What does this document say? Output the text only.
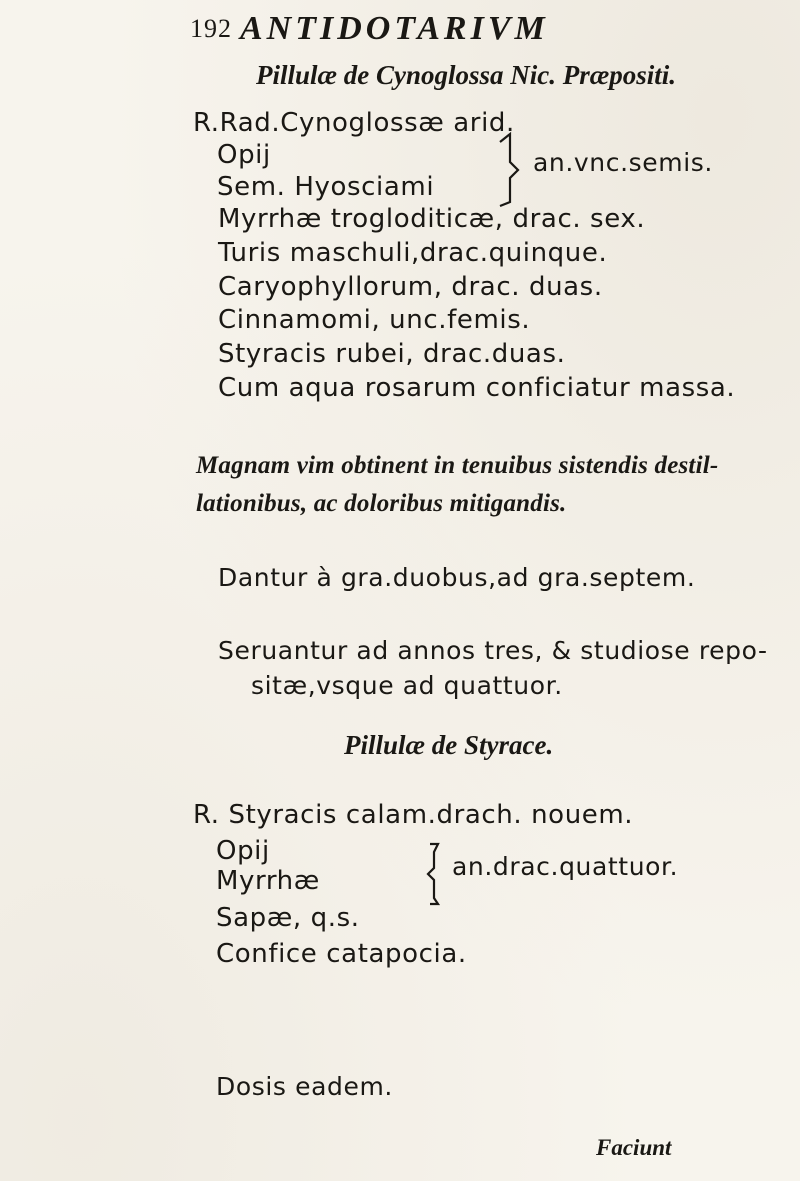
192 ANTIDOTARIVM
Pillulæ de Cynoglossa Nic. Præpositi.
R.Rad.Cynoglossæ arid.
Opij
Sem. Hyosciami
an.vnc.semis.
Myrrhæ trogloditicæ, drac. sex.
Turis maschuli,drac.quinque.
Caryophyllorum, drac. duas.
Cinnamomi, unc.femis.
Styracis rubei, drac.duas.
Cum aqua rosarum conficiatur massa.
Magnam vim obtinent in tenuibus sistendis destil-
lationibus, ac doloribus mitigandis.
Dantur à gra.duobus,ad gra.septem.
Seruantur ad annos tres, & studiose repo-
sitæ,vsque ad quattuor.
Pillulæ de Styrace.
R. Styracis calam.drach. nouem.
Opij
Myrrhæ	an.drac.quattuor.
Sapæ, q.s.
Confice catapocia.
Dosis eadem.
Faciunt
